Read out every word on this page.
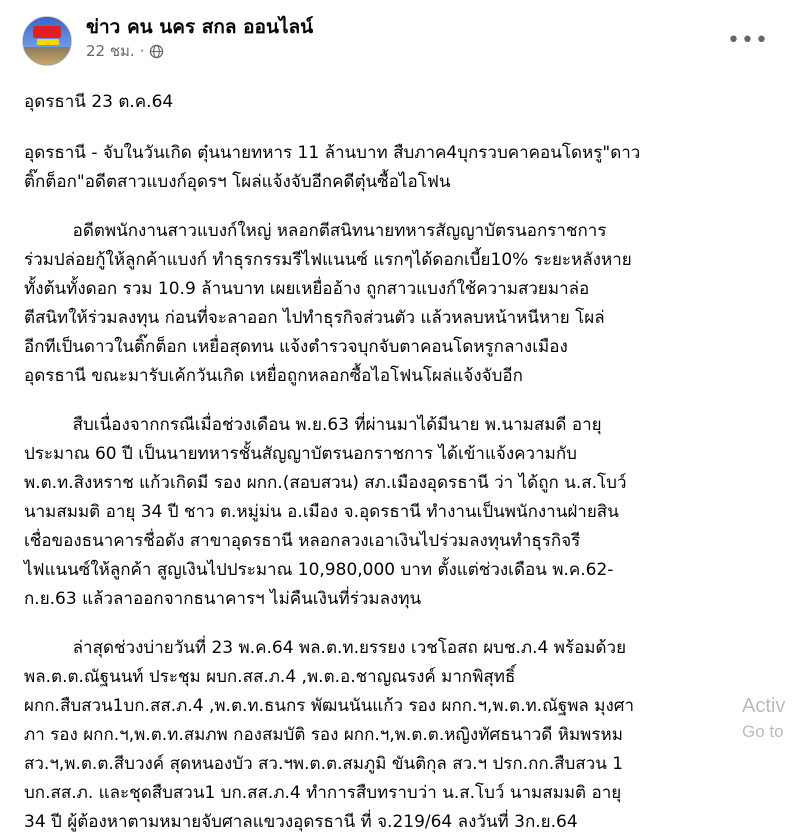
ข่าว คน นคร สกล ออนไลน์
22 ชม. ·	•••
อุดรธานี 23 ต.ค.64

อุดรธานี - จับในวันเกิด ตุ๋นนายทหาร 11 ล้านบาท สืบภาค4บุกรวบคาคอนโดหรู"ดาว

ติ๊กต็อก"อดีตสาวแบงก์อุดรฯ โผล่แจ้งจับอีกคดีตุ๋นซื้อไอโฟน

อดีตพนักงานสาวแบงก์ใหญ่ หลอกตีสนิทนายทหารสัญญาบัตรนอกราชการ

ร่วมปล่อยกู้ให้ลูกค้าแบงก์ ทำธุรกรรมรีไฟแนนซ์ แรกๆได้ดอกเบี้ย10% ระยะหลังหาย

ทั้งต้นทั้งดอก รวม 10.9 ล้านบาท เผยเหยื่ออ้าง ถูกสาวแบงก์ใช้ความสวยมาล่อ

ตีสนิทให้ร่วมลงทุน ก่อนที่จะลาออก ไปทำธุรกิจส่วนตัว แล้วหลบหน้าหนีหาย โผล่

อีกทีเป็นดาวในติ๊กต็อก เหยื่อสุดทน แจ้งตำรวจบุกจับตาคอนโดหรูกลางเมือง

อุดรธานี ขณะมารับเค้กวันเกิด เหยื่อถูกหลอกซื้อไอโฟนโผล่แจ้งจับอีก

สืบเนื่องจากกรณีเมื่อช่วงเดือน พ.ย.63 ที่ผ่านมาได้มีนาย พ.นามสมดี อายุ

ประมาณ 60 ปี เป็นนายทหารชั้นสัญญาบัตรนอกราชการ ได้เข้าแจ้งความกับ

พ.ต.ท.สิงหราช แก้วเกิดมี รอง ผกก.(สอบสวน) สภ.เมืองอุดรธานี ว่า ได้ถูก น.ส.โบว์

นามสมมติ อายุ 34 ปี ชาว ต.หมู่ม่น อ.เมือง จ.อุดรธานี ทำงานเป็นพนักงานฝ่ายสิน

เชื่อของธนาคารชื่อดัง สาขาอุดรธานี หลอกลวงเอาเงินไปร่วมลงทุนทำธุรกิจรี

ไฟแนนซ์ให้ลูกค้า สูญเงินไปประมาณ 10,980,000 บาท ตั้งแต่ช่วงเดือน พ.ค.62-

ก.ย.63 แล้วลาออกจากธนาคารฯ ไม่คืนเงินที่ร่วมลงทุน

ล่าสุดช่วงบ่ายวันที่ 23 พ.ค.64 พล.ต.ท.ยรรยง เวชโอสถ ผบช.ภ.4 พร้อมด้วย

พล.ต.ต.ณัฐนนท์ ประชุม ผบก.สส.ภ.4 ,พ.ต.อ.ชาญณรงค์ มากพิสุทธิ์

ผกก.สืบสวน1บก.สส.ภ.4 ,พ.ต.ท.ธนกร พัฒนนันแก้ว รอง ผกก.ฯ,พ.ต.ท.ณัฐพล มุงศา

ภา รอง ผกก.ฯ,พ.ต.ท.สมภพ กองสมบัติ รอง ผกก.ฯ,พ.ต.ต.หญิงทัศธนาวดี หิมพรหม

สว.ฯ,พ.ต.ต.สีบวงค์ สุดหนองบัว สว.ฯพ.ต.ต.สมภูมิ ขันติกุล สว.ฯ ปรก.กก.สืบสวน 1

บก.สส.ภ. และชุดสืบสวน1 บก.สส.ภ.4 ทำการสืบทราบว่า น.ส.โบว์ นามสมมติ อายุ

34 ปี ผู้ต้องหาตามหมายจับศาลแขวงอุดรธานี ที่ จ.219/64 ลงวันที่ 3ก.ย.64

Activ
Go to
